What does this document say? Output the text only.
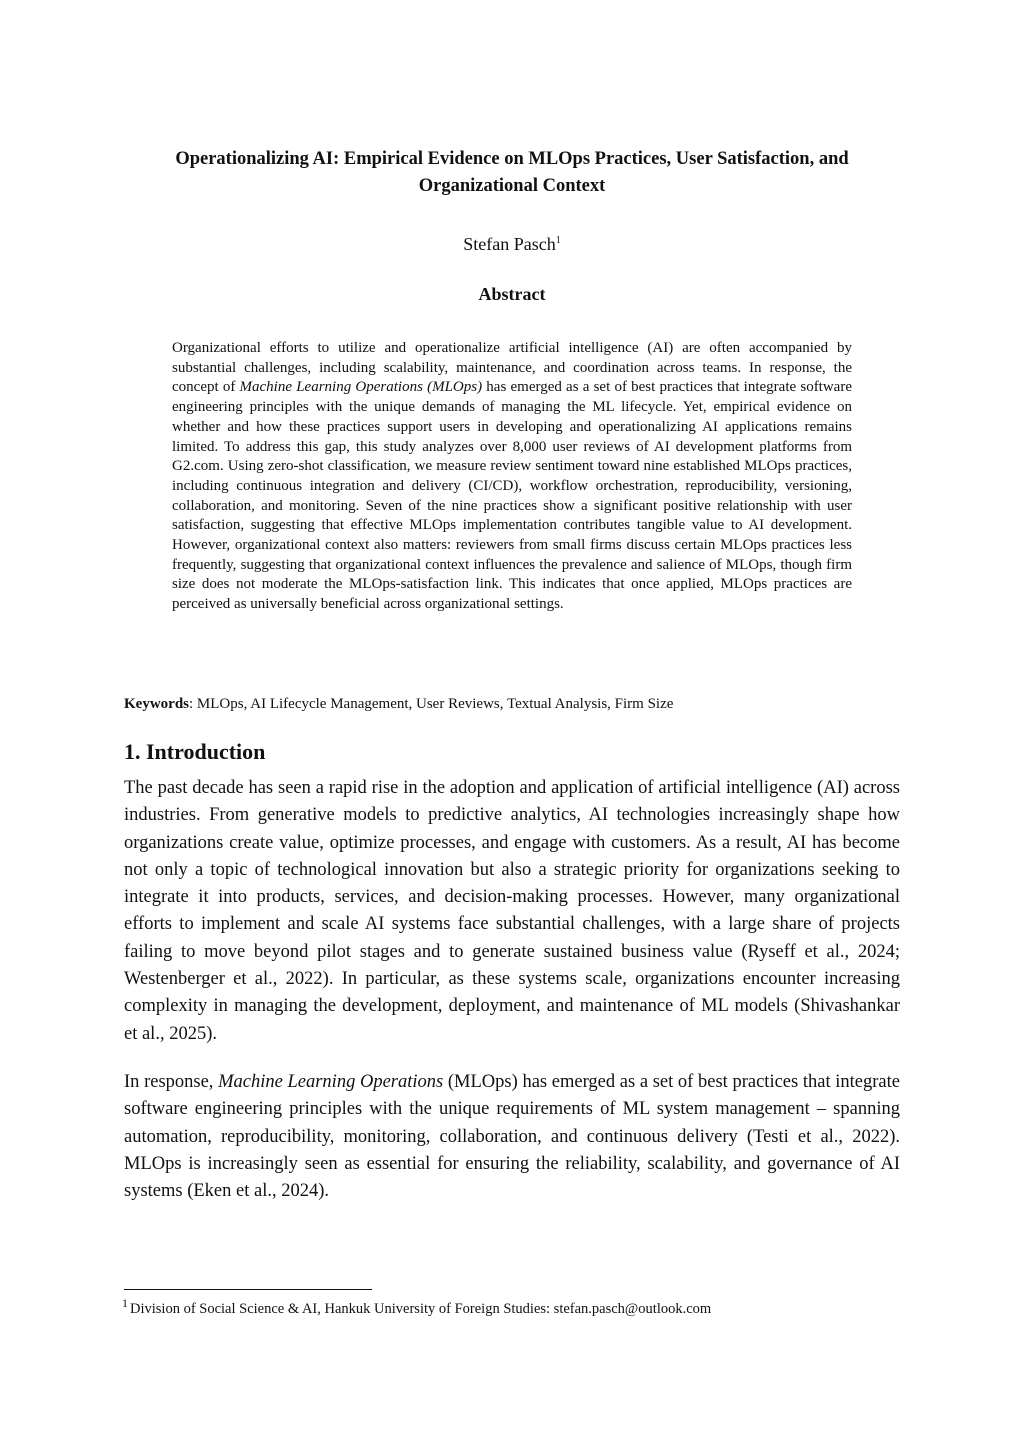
Operationalizing AI: Empirical Evidence on MLOps Practices, User Satisfaction, and Organizational Context
Stefan Pasch$^1$
Abstract
Organizational efforts to utilize and operationalize artificial intelligence (AI) are often accompanied by substantial challenges, including scalability, maintenance, and coordination across teams. In response, the concept of Machine Learning Operations (MLOps) has emerged as a set of best practices that integrate software engineering principles with the unique demands of managing the ML lifecycle. Yet, empirical evidence on whether and how these practices support users in developing and operationalizing AI applications remains limited. To address this gap, this study analyzes over 8,000 user reviews of AI development platforms from G2.com. Using zero-shot classification, we measure review sentiment toward nine established MLOps practices, including continuous integration and delivery (CI/CD), workflow orchestration, reproducibility, versioning, collaboration, and monitoring. Seven of the nine practices show a significant positive relationship with user satisfaction, suggesting that effective MLOps implementation contributes tangible value to AI development. However, organizational context also matters: reviewers from small firms discuss certain MLOps practices less frequently, suggesting that organizational context influences the prevalence and salience of MLOps, though firm size does not moderate the MLOps-satisfaction link. This indicates that once applied, MLOps practices are perceived as universally beneficial across organizational settings.
Keywords: MLOps, AI Lifecycle Management, User Reviews, Textual Analysis, Firm Size
1. Introduction

The past decade has seen a rapid rise in the adoption and application of artificial intelligence (AI) across industries. From generative models to predictive analytics, AI technologies increasingly shape how organizations create value, optimize processes, and engage with customers. As a result, AI has become not only a topic of technological innovation but also a strategic priority for organizations seeking to integrate it into products, services, and decision-making processes. However, many organizational efforts to implement and scale AI systems face substantial challenges, with a large share of projects failing to move beyond pilot stages and to generate sustained business value (Ryseff et al., 2024; Westenberger et al., 2022). In particular, as these systems scale, organizations encounter increasing complexity in managing the development, deployment, and maintenance of ML models (Shivashankar et al., 2025).

In response, Machine Learning Operations (MLOps) has emerged as a set of best practices that integrate software engineering principles with the unique requirements of ML system management – spanning automation, reproducibility, monitoring, collaboration, and continuous delivery (Testi et al., 2022). MLOps is increasingly seen as essential for ensuring the reliability, scalability, and governance of AI systems (Eken et al., 2024).

$^1$ Division of Social Science & AI, Hankuk University of Foreign Studies: stefan.pasch@outlook.com
